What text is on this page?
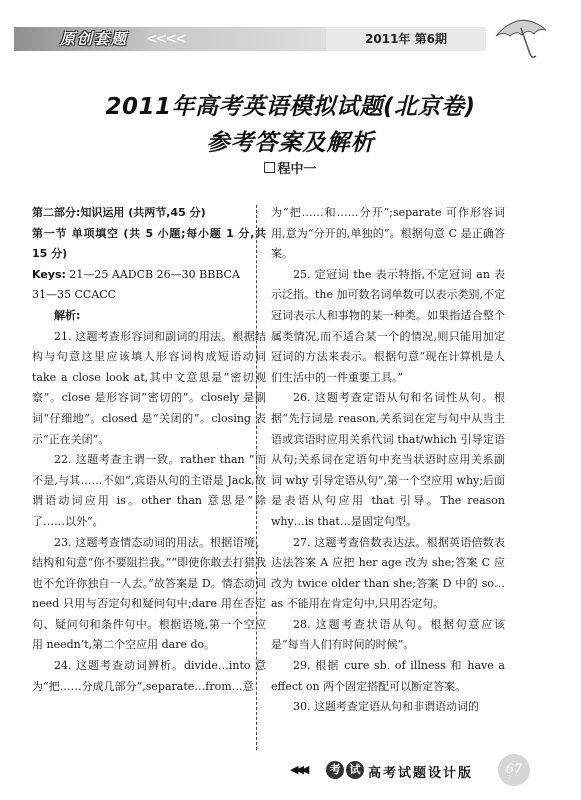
原创套题 <<<<	2011年 第6期
2011年高考英语模拟试题(北京卷)
参考答案及解析
程中一

第二部分:知识运用 (共两节,45 分)

第一节 单项填空 (共 5 小题;每小题 1 分,共 15 分)

Keys: 21—25 AADCB 26—30 BBBCA

31—35 CCACC

解析:

21. 这题考查形容词和副词的用法。根据结构与句意这里应该填人形容词构成短语动词 take a close look at,其中文意思是“密切观察”。close 是形容词“密切的”。closely 是副词“仔细地”。closed 是“关闭的”。closing 表示“正在关闭”。

22. 这题考查主谓一致。rather than “而不是,与其……不如”,宾语从句的主语是 Jack,故谓语动词应用 is。other than 意思是“除了……以外”。

23. 这题考查情态动词的用法。根据语境、结构和句意“你不要阻拦我。”“即使你敢去打猎我也不允许你独自一人去。”故答案是 D。情态动词 need 只用与否定句和疑问句中;dare 用在否定句、疑问句和条件句中。根据语境,第一个空应用 needn’t,第二个空应用 dare do。

24. 这题考查动词辨析。divide…into 意为“把……分成几部分”,separate…from…意

为“把……和……分开”;separate 可作形容词用,意为“分开的,单独的”。根据句意 C 是正确答案。

25. 定冠词 the 表示特指,不定冠词 an 表示泛指。the 加可数名词单数可以表示类别,不定冠词表示人和事物的某一种类。如果指适合整个属类情况,而不适合某一个的情况,则只能用加定冠词的方法来表示。根据句意“现在计算机是人们生活中的一件重要工具。”

26. 这题考查定语从句和名词性从句。根据“先行词是 reason,关系词在定与句中从当主语或宾语时应用关系代词 that/which 引导定语从句;关系词在定语句中充当状语时应用关系副词 why 引导定语从句”,第一个空应用 why;后面是表语从句应用 that 引导。The reason why…is that…是固定句型。

27. 这题考查倍数表达法。根据英语倍数表达法答案 A 应把 her age 改为 she;答案 C 应改为 twice older than she;答案 D 中的 so…as 不能用在肯定句中,只用否定句。

28. 这题考查状语从句。根据句意应该是“每当人们有时间的时候”。

29. 根据 cure sb. of illness 和 have a effect on 两个固定搭配可以断定答案。

30. 这题考查定语从句和非谓语动词的

◀◀◀	考 试 高考试题设计版	67
